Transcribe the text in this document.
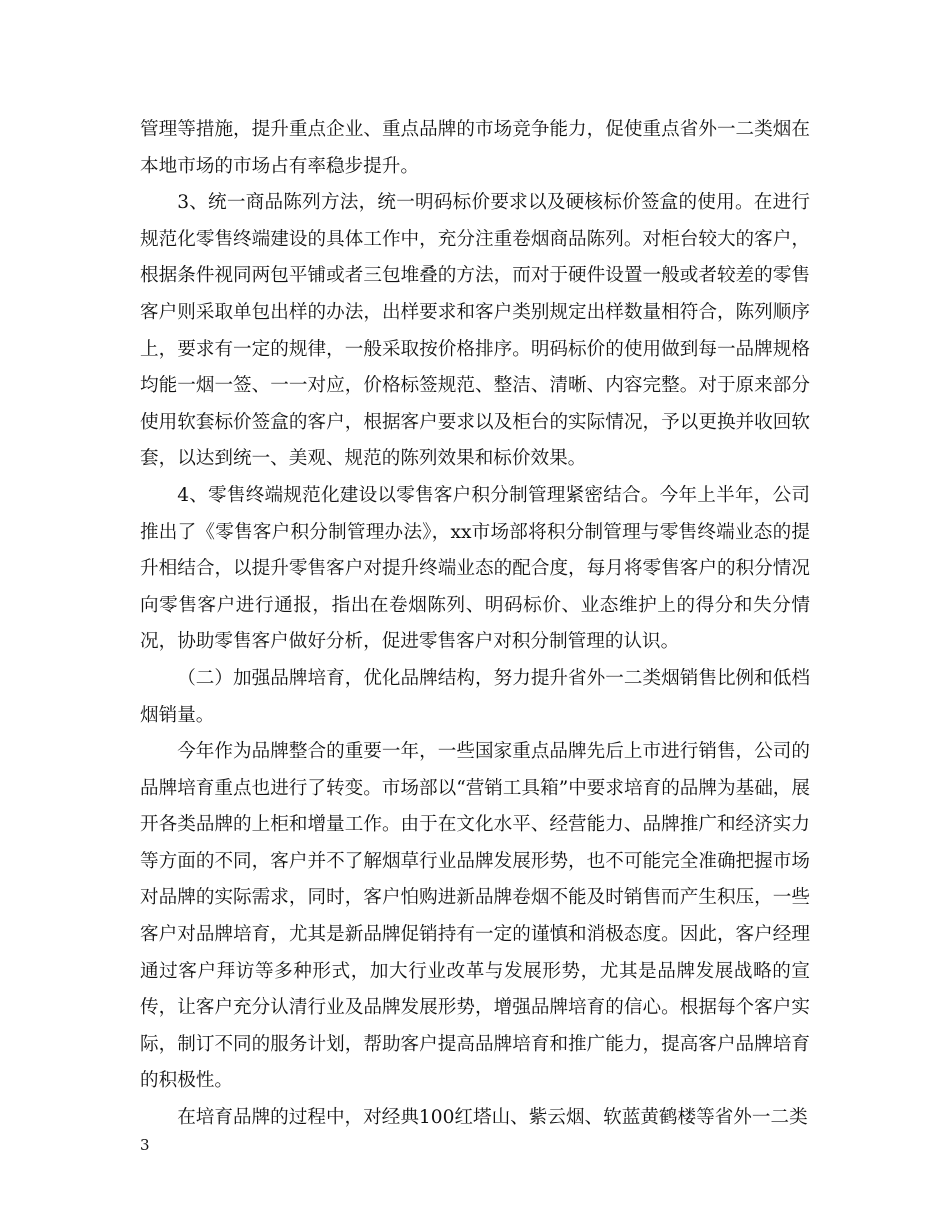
管理等措施，提升重点企业、重点品牌的市场竞争能力，促使重点省外一二类烟在本地市场的市场占有率稳步提升。

3、统一商品陈列方法，统一明码标价要求以及硬核标价签盒的使用。在进行规范化零售终端建设的具体工作中，充分注重卷烟商品陈列。对柜台较大的客户，根据条件视同两包平铺或者三包堆叠的方法，而对于硬件设置一般或者较差的零售客户则采取单包出样的办法，出样要求和客户类别规定出样数量相符合，陈列顺序上，要求有一定的规律，一般采取按价格排序。明码标价的使用做到每一品牌规格均能一烟一签、一一对应，价格标签规范、整洁、清晰、内容完整。对于原来部分使用软套标价签盒的客户，根据客户要求以及柜台的实际情况，予以更换并收回软套，以达到统一、美观、规范的陈列效果和标价效果。

4、零售终端规范化建设以零售客户积分制管理紧密结合。今年上半年，公司推出了《零售客户积分制管理办法》，xx市场部将积分制管理与零售终端业态的提升相结合，以提升零售客户对提升终端业态的配合度，每月将零售客户的积分情况向零售客户进行通报，指出在卷烟陈列、明码标价、业态维护上的得分和失分情况，协助零售客户做好分析，促进零售客户对积分制管理的认识。

（二）加强品牌培育，优化品牌结构，努力提升省外一二类烟销售比例和低档烟销量。

今年作为品牌整合的重要一年，一些国家重点品牌先后上市进行销售，公司的品牌培育重点也进行了转变。市场部以“营销工具箱”中要求培育的品牌为基础，展开各类品牌的上柜和增量工作。由于在文化水平、经营能力、品牌推广和经济实力等方面的不同，客户并不了解烟草行业品牌发展形势，也不可能完全准确把握市场对品牌的实际需求，同时，客户怕购进新品牌卷烟不能及时销售而产生积压，一些客户对品牌培育，尤其是新品牌促销持有一定的谨慎和消极态度。因此，客户经理通过客户拜访等多种形式，加大行业改革与发展形势，尤其是品牌发展战略的宣传，让客户充分认清行业及品牌发展形势，增强品牌培育的信心。根据每个客户实际，制订不同的服务计划，帮助客户提高品牌培育和推广能力，提高客户品牌培育的积极性。

在培育品牌的过程中，对经典100红塔山、紫云烟、软蓝黄鹤楼等省外一二类

3
